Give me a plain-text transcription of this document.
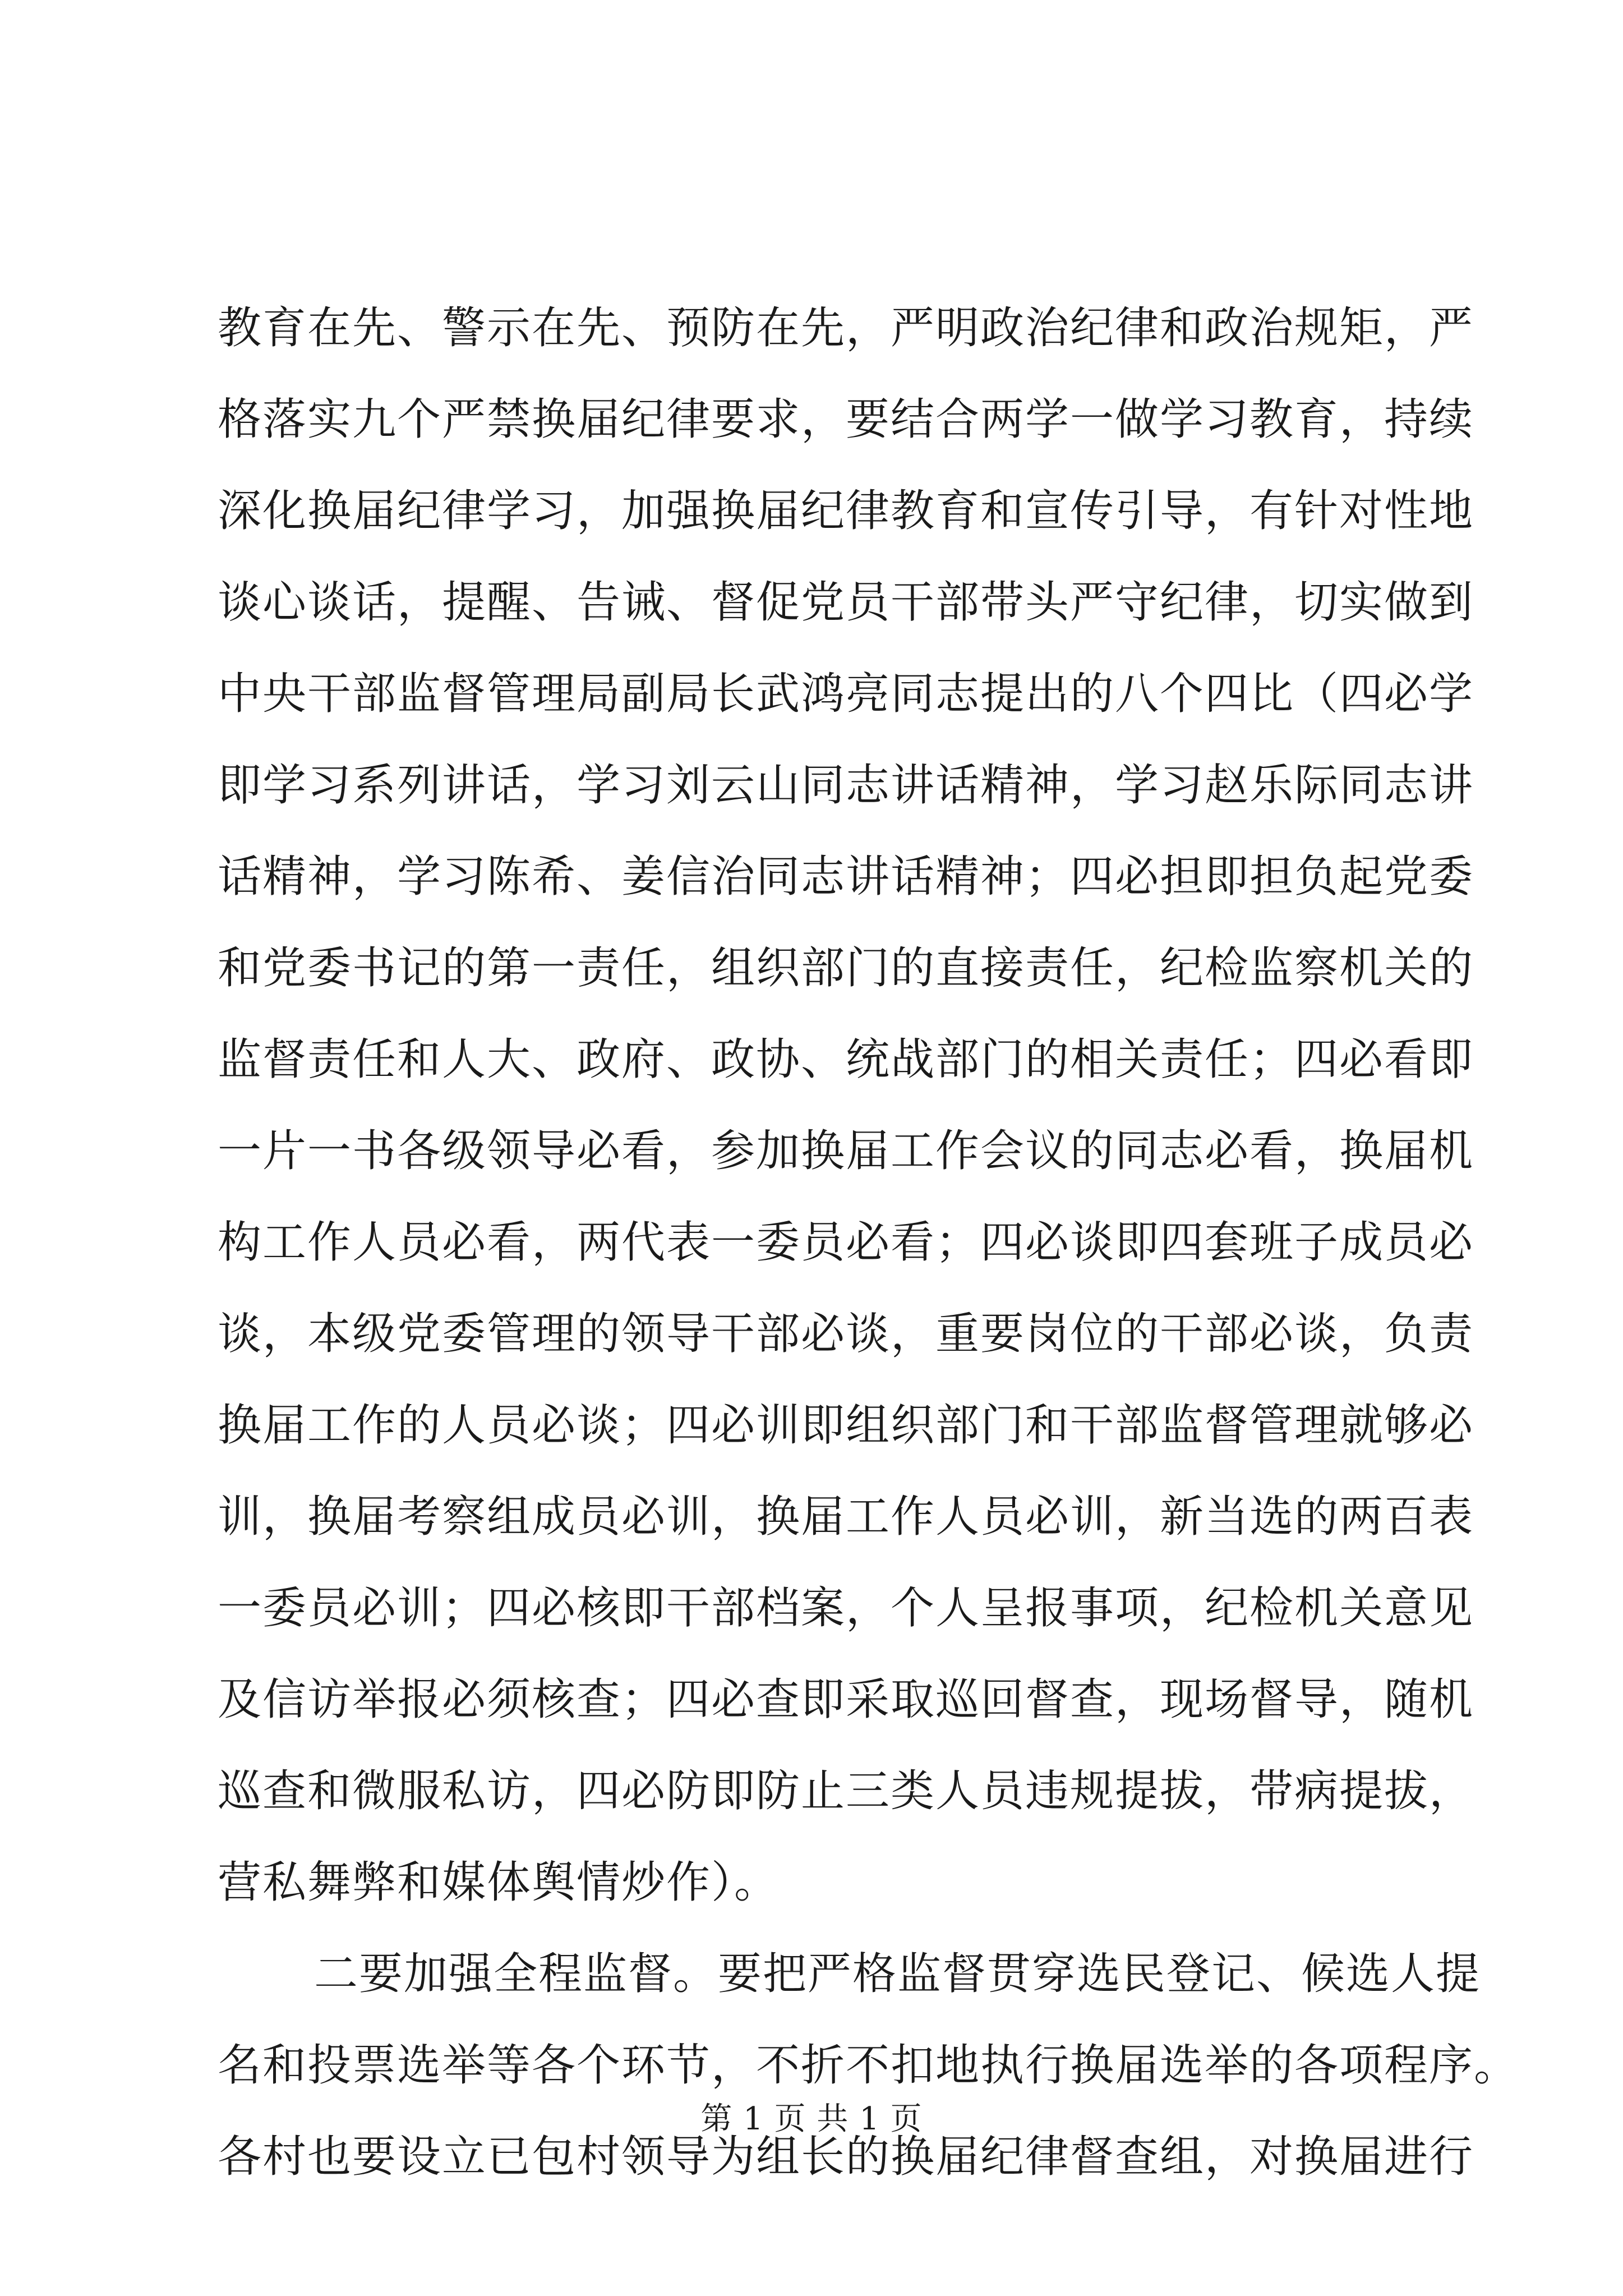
教育在先、警示在先、预防在先，严明政治纪律和政治规矩，严
格落实九个严禁换届纪律要求，要结合两学一做学习教育，持续
深化换届纪律学习，加强换届纪律教育和宣传引导，有针对性地
谈心谈话，提醒、告诫、督促党员干部带头严守纪律，切实做到
中央干部监督管理局副局长武鸿亮同志提出的八个四比（四必学
即学习系列讲话，学习刘云山同志讲话精神，学习赵乐际同志讲
话精神，学习陈希、姜信治同志讲话精神；四必担即担负起党委
和党委书记的第一责任，组织部门的直接责任，纪检监察机关的
监督责任和人大、政府、政协、统战部门的相关责任；四必看即
一片一书各级领导必看，参加换届工作会议的同志必看，换届机
构工作人员必看，两代表一委员必看；四必谈即四套班子成员必
谈，本级党委管理的领导干部必谈，重要岗位的干部必谈，负责
换届工作的人员必谈；四必训即组织部门和干部监督管理就够必
训，换届考察组成员必训，换届工作人员必训，新当选的两百表
一委员必训；四必核即干部档案，个人呈报事项，纪检机关意见
及信访举报必须核查；四必查即采取巡回督查，现场督导，随机
巡查和微服私访，四必防即防止三类人员违规提拔，带病提拔，
营私舞弊和媒体舆情炒作）。
二要加强全程监督。要把严格监督贯穿选民登记、候选人提
名和投票选举等各个环节，不折不扣地执行换届选举的各项程序。
各村也要设立已包村领导为组长的换届纪律督查组，对换届进行
第 1 页 共 1 页
